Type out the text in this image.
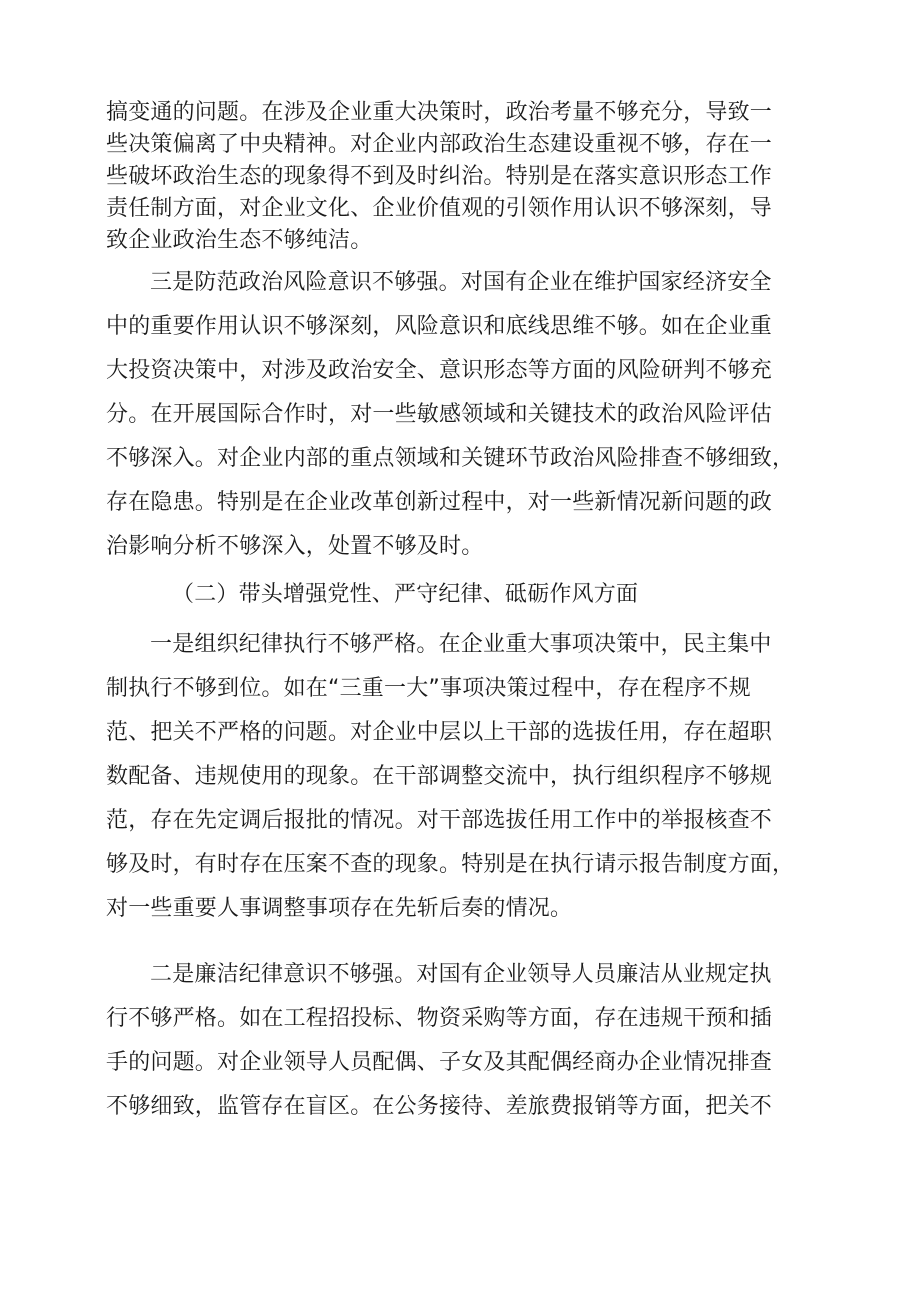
搞变通的问题。在涉及企业重大决策时，政治考量不够充分，导致一

些决策偏离了中央精神。对企业内部政治生态建设重视不够，存在一

些破坏政治生态的现象得不到及时纠治。特别是在落实意识形态工作

责任制方面，对企业文化、企业价值观的引领作用认识不够深刻，导

致企业政治生态不够纯洁。

三是防范政治风险意识不够强。对国有企业在维护国家经济安全

中的重要作用认识不够深刻，风险意识和底线思维不够。如在企业重

大投资决策中，对涉及政治安全、意识形态等方面的风险研判不够充

分。在开展国际合作时，对一些敏感领域和关键技术的政治风险评估

不够深入。对企业内部的重点领域和关键环节政治风险排查不够细致，

存在隐患。特别是在企业改革创新过程中，对一些新情况新问题的政

治影响分析不够深入，处置不够及时。

（二）带头增强党性、严守纪律、砥砺作风方面

一是组织纪律执行不够严格。在企业重大事项决策中，民主集中

制执行不够到位。如在“三重一大”事项决策过程中，存在程序不规

范、把关不严格的问题。对企业中层以上干部的选拔任用，存在超职

数配备、违规使用的现象。在干部调整交流中，执行组织程序不够规

范，存在先定调后报批的情况。对干部选拔任用工作中的举报核查不

够及时，有时存在压案不查的现象。特别是在执行请示报告制度方面，

对一些重要人事调整事项存在先斩后奏的情况。

二是廉洁纪律意识不够强。对国有企业领导人员廉洁从业规定执

行不够严格。如在工程招投标、物资采购等方面，存在违规干预和插

手的问题。对企业领导人员配偶、子女及其配偶经商办企业情况排查

不够细致，监管存在盲区。在公务接待、差旅费报销等方面，把关不
